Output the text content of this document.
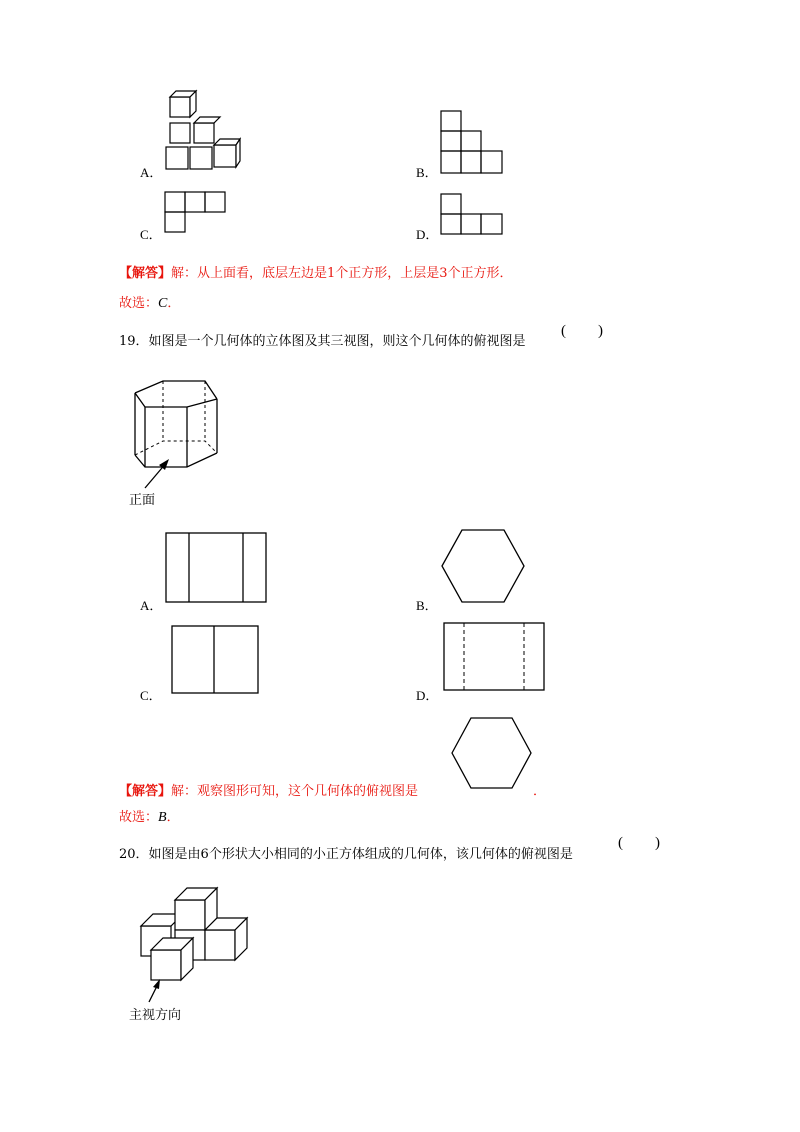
A．	B．
C．	D．
【解答】解：从上面看，底层左边是1个正方形，上层是3个正方形．
故选：C．
19．如图是一个几何体的立体图及其三视图，则这个几何体的俯视图是
( )
正面
A．	B．
C．	D．
【解答】解：观察图形可知，这个几何体的俯视图是	．
故选：B．
20．如图是由6个形状大小相同的小正方体组成的几何体，该几何体的俯视图是
( )
主视方向
